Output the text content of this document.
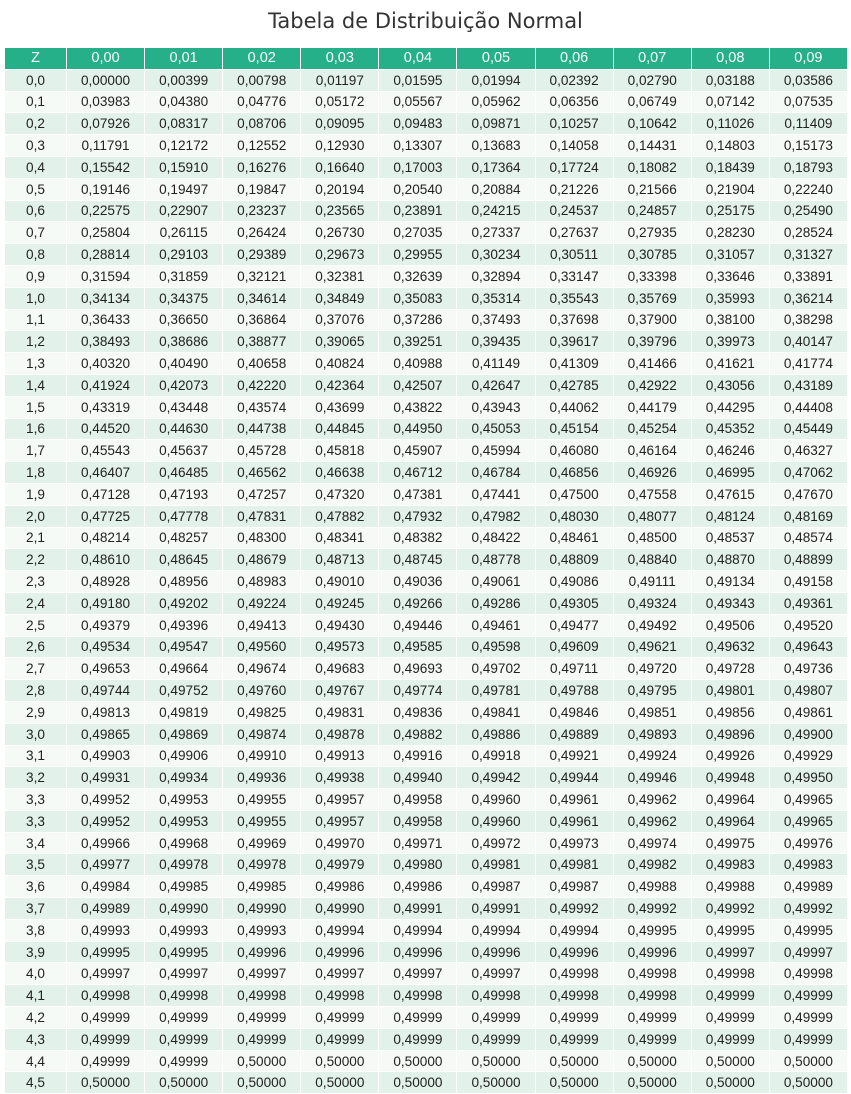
Tabela de Distribuição Normal
Z	0,00	0,01	0,02	0,03	0,04	0,05	0,06	0,07	0,08	0,09
0,0	0,00000	0,00399	0,00798	0,01197	0,01595	0,01994	0,02392	0,02790	0,03188	0,03586
0,1	0,03983	0,04380	0,04776	0,05172	0,05567	0,05962	0,06356	0,06749	0,07142	0,07535
0,2	0,07926	0,08317	0,08706	0,09095	0,09483	0,09871	0,10257	0,10642	0,11026	0,11409
0,3	0,11791	0,12172	0,12552	0,12930	0,13307	0,13683	0,14058	0,14431	0,14803	0,15173
0,4	0,15542	0,15910	0,16276	0,16640	0,17003	0,17364	0,17724	0,18082	0,18439	0,18793
0,5	0,19146	0,19497	0,19847	0,20194	0,20540	0,20884	0,21226	0,21566	0,21904	0,22240
0,6	0,22575	0,22907	0,23237	0,23565	0,23891	0,24215	0,24537	0,24857	0,25175	0,25490
0,7	0,25804	0,26115	0,26424	0,26730	0,27035	0,27337	0,27637	0,27935	0,28230	0,28524
0,8	0,28814	0,29103	0,29389	0,29673	0,29955	0,30234	0,30511	0,30785	0,31057	0,31327
0,9	0,31594	0,31859	0,32121	0,32381	0,32639	0,32894	0,33147	0,33398	0,33646	0,33891
1,0	0,34134	0,34375	0,34614	0,34849	0,35083	0,35314	0,35543	0,35769	0,35993	0,36214
1,1	0,36433	0,36650	0,36864	0,37076	0,37286	0,37493	0,37698	0,37900	0,38100	0,38298
1,2	0,38493	0,38686	0,38877	0,39065	0,39251	0,39435	0,39617	0,39796	0,39973	0,40147
1,3	0,40320	0,40490	0,40658	0,40824	0,40988	0,41149	0,41309	0,41466	0,41621	0,41774
1,4	0,41924	0,42073	0,42220	0,42364	0,42507	0,42647	0,42785	0,42922	0,43056	0,43189
1,5	0,43319	0,43448	0,43574	0,43699	0,43822	0,43943	0,44062	0,44179	0,44295	0,44408
1,6	0,44520	0,44630	0,44738	0,44845	0,44950	0,45053	0,45154	0,45254	0,45352	0,45449
1,7	0,45543	0,45637	0,45728	0,45818	0,45907	0,45994	0,46080	0,46164	0,46246	0,46327
1,8	0,46407	0,46485	0,46562	0,46638	0,46712	0,46784	0,46856	0,46926	0,46995	0,47062
1,9	0,47128	0,47193	0,47257	0,47320	0,47381	0,47441	0,47500	0,47558	0,47615	0,47670
2,0	0,47725	0,47778	0,47831	0,47882	0,47932	0,47982	0,48030	0,48077	0,48124	0,48169
2,1	0,48214	0,48257	0,48300	0,48341	0,48382	0,48422	0,48461	0,48500	0,48537	0,48574
2,2	0,48610	0,48645	0,48679	0,48713	0,48745	0,48778	0,48809	0,48840	0,48870	0,48899
2,3	0,48928	0,48956	0,48983	0,49010	0,49036	0,49061	0,49086	0,49111	0,49134	0,49158
2,4	0,49180	0,49202	0,49224	0,49245	0,49266	0,49286	0,49305	0,49324	0,49343	0,49361
2,5	0,49379	0,49396	0,49413	0,49430	0,49446	0,49461	0,49477	0,49492	0,49506	0,49520
2,6	0,49534	0,49547	0,49560	0,49573	0,49585	0,49598	0,49609	0,49621	0,49632	0,49643
2,7	0,49653	0,49664	0,49674	0,49683	0,49693	0,49702	0,49711	0,49720	0,49728	0,49736
2,8	0,49744	0,49752	0,49760	0,49767	0,49774	0,49781	0,49788	0,49795	0,49801	0,49807
2,9	0,49813	0,49819	0,49825	0,49831	0,49836	0,49841	0,49846	0,49851	0,49856	0,49861
3,0	0,49865	0,49869	0,49874	0,49878	0,49882	0,49886	0,49889	0,49893	0,49896	0,49900
3,1	0,49903	0,49906	0,49910	0,49913	0,49916	0,49918	0,49921	0,49924	0,49926	0,49929
3,2	0,49931	0,49934	0,49936	0,49938	0,49940	0,49942	0,49944	0,49946	0,49948	0,49950
3,3	0,49952	0,49953	0,49955	0,49957	0,49958	0,49960	0,49961	0,49962	0,49964	0,49965
3,3	0,49952	0,49953	0,49955	0,49957	0,49958	0,49960	0,49961	0,49962	0,49964	0,49965
3,4	0,49966	0,49968	0,49969	0,49970	0,49971	0,49972	0,49973	0,49974	0,49975	0,49976
3,5	0,49977	0,49978	0,49978	0,49979	0,49980	0,49981	0,49981	0,49982	0,49983	0,49983
3,6	0,49984	0,49985	0,49985	0,49986	0,49986	0,49987	0,49987	0,49988	0,49988	0,49989
3,7	0,49989	0,49990	0,49990	0,49990	0,49991	0,49991	0,49992	0,49992	0,49992	0,49992
3,8	0,49993	0,49993	0,49993	0,49994	0,49994	0,49994	0,49994	0,49995	0,49995	0,49995
3,9	0,49995	0,49995	0,49996	0,49996	0,49996	0,49996	0,49996	0,49996	0,49997	0,49997
4,0	0,49997	0,49997	0,49997	0,49997	0,49997	0,49997	0,49998	0,49998	0,49998	0,49998
4,1	0,49998	0,49998	0,49998	0,49998	0,49998	0,49998	0,49998	0,49998	0,49999	0,49999
4,2	0,49999	0,49999	0,49999	0,49999	0,49999	0,49999	0,49999	0,49999	0,49999	0,49999
4,3	0,49999	0,49999	0,49999	0,49999	0,49999	0,49999	0,49999	0,49999	0,49999	0,49999
4,4	0,49999	0,49999	0,50000	0,50000	0,50000	0,50000	0,50000	0,50000	0,50000	0,50000
4,5	0,50000	0,50000	0,50000	0,50000	0,50000	0,50000	0,50000	0,50000	0,50000	0,50000
